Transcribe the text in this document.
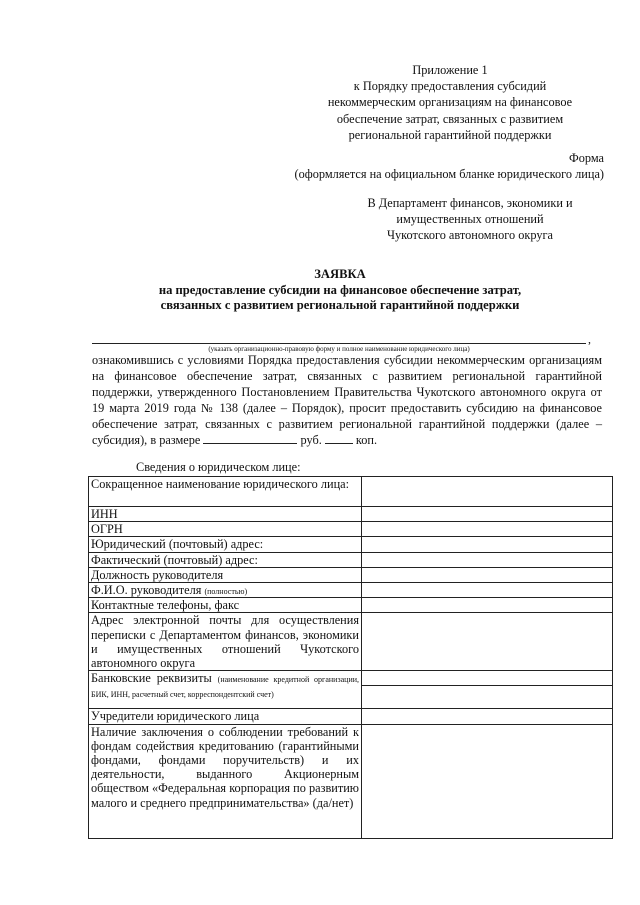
Приложение 1
к Порядку предоставления субсидий
некоммерческим организациям на финансовое
обеспечение затрат, связанных с развитием
региональной гарантийной поддержки
Форма
(оформляется на официальном бланке юридического лица)
В Департамент финансов, экономики и
имущественных отношений
Чукотского автономного округа
ЗАЯВКА
на предоставление субсидии на финансовое обеспечение затрат,
связанных с развитием региональной гарантийной поддержки
,
(указать организационно-правовую форму и полное наименование юридического лица)
ознакомившись с условиями Порядка предоставления субсидии некоммерческим организациям на финансовое обеспечение затрат, связанных с развитием региональной гарантийной поддержки, утвержденного Постановлением Правительства Чукотского автономного округа от 19 марта 2019 года № 138 (далее – Порядок), просит предоставить субсидию на финансовое обеспечение затрат, связанных с развитием региональной гарантийной поддержки (далее – субсидия), в размере	руб.  коп.
Сведения о юридическом лице:
Сокращенное наименование юридического лица:	
ИНН	
ОГРН	
Юридический (почтовый) адрес:	
Фактический (почтовый) адрес:	
Должность руководителя	
Ф.И.О. руководителя (полностью)	
Контактные телефоны, факс	
Адрес электронной почты для осуществления переписки с Департаментом финансов, экономики и имущественных отношений Чукотского автономного округа	
Банковские реквизиты (наименование кредитной организации, БИК, ИНН, расчетный счет, корреспондентский счет)	

Учредители юридического лица	
Наличие заключения о соблюдении требований к фондам содействия кредитованию (гарантийными фондами, фондами поручительств) и их деятельности, выданного Акционерным обществом «Федеральная корпорация по развитию малого и среднего предпринимательства» (да/нет)	
